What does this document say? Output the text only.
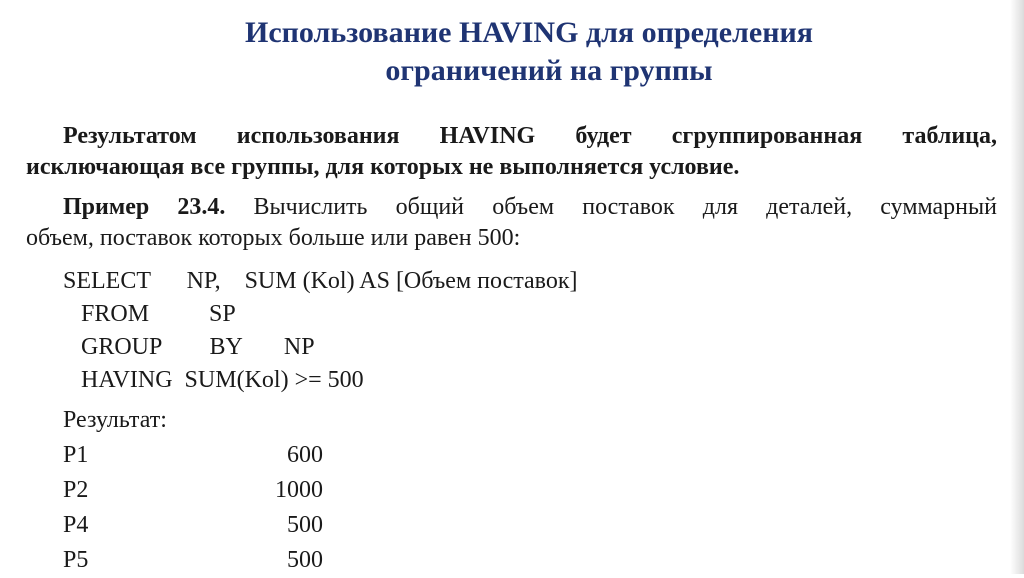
Использование HAVING для определения
ограничений на группы
Результатом использования HAVING будет сгруппированная таблица,
исключающая все группы, для которых не выполняется условие.
Пример 23.4. Вычислить общий объем поставок для деталей, суммарный
объем, поставок которых больше или равен 500:
SELECT      NP,    SUM (Kol) AS [Объем поставок]
FROM          SP
GROUP        BY       NP
HAVING  SUM(Kol) >= 500
Результат:
P1	600
P2	1000
P4	500
P5	500
